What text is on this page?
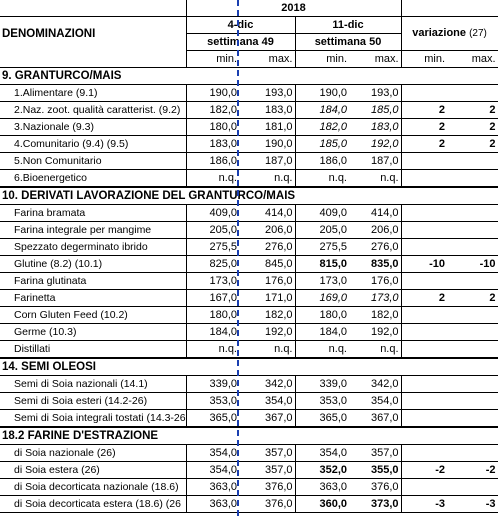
	2018					
DENOMINAZIONI	4-dic		11-dic		variazione (27)	
	settimana 49		settimana 50			
	min.	max.	min.	max.	min.	max.
9. GRANTURCO/MAIS						
1.Alimentare (9.1)	190,0	193,0	190,0	193,0		
2.Naz. zoot. qualità caratterist. (9.2)	182,0	183,0	184,0	185,0	2	2
3.Nazionale (9.3)	180,0	181,0	182,0	183,0	2	2
4.Comunitario (9.4) (9.5)	183,0	190,0	185,0	192,0	2	2
5.Non Comunitario	186,0	187,0	186,0	187,0		
6.Bioenergetico	n.q.	n.q.	n.q.	n.q.		
10. DERIVATI LAVORAZIONE DEL GRANTURCO/MAIS						
Farina bramata	409,0	414,0	409,0	414,0		
Farina integrale per mangime	205,0	206,0	205,0	206,0		
Spezzato degerminato ibrido	275,5	276,0	275,5	276,0		
Glutine (8.2) (10.1)	825,0	845,0	815,0	835,0	-10	-10
Farina glutinata	173,0	176,0	173,0	176,0		
Farinetta	167,0	171,0	169,0	173,0	2	2
Corn Gluten Feed (10.2)	180,0	182,0	180,0	182,0		
Germe (10.3)	184,0	192,0	184,0	192,0		
Distillati	n.q.	n.q.	n.q.	n.q.		
14. SEMI OLEOSI						
Semi di Soia nazionali (14.1)	339,0	342,0	339,0	342,0		
Semi di Soia esteri (14.2-26)	353,0	354,0	353,0	354,0		
Semi di Soia integrali tostati (14.3-26	365,0	367,0	365,0	367,0		
18.2 FARINE D'ESTRAZIONE						
di Soia nazionale (26)	354,0	357,0	354,0	357,0		
di Soia estera (26)	354,0	357,0	352,0	355,0	-2	-2
di Soia decorticata nazionale (18.6)	363,0	376,0	363,0	376,0		
di Soia decorticata estera (18.6) (26	363,0	376,0	360,0	373,0	-3	-3
